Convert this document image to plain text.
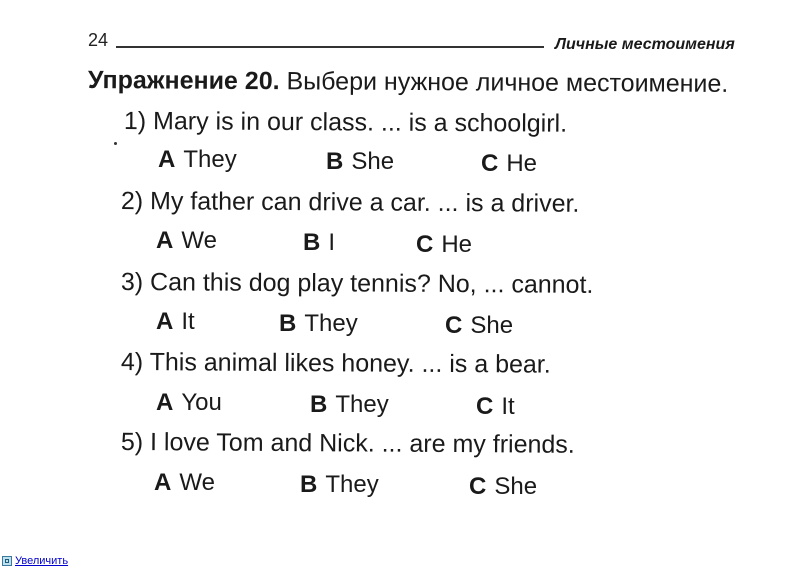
24	Личные местоимения
Упражнение 20. Выбери нужное личное местоимение.
1) Mary is in our class. ... is a schoolgirl.
A They	B She	C He
2) My father can drive a car. ... is a driver.
A We	B I	C He
3) Can this dog play tennis? No, ... cannot.
A It	B They	C She
4) This animal likes honey. ... is a bear.
A You	B They	C It
5) I love Tom and Nick. ... are my friends.
A We	B They	C She
Увеличить
